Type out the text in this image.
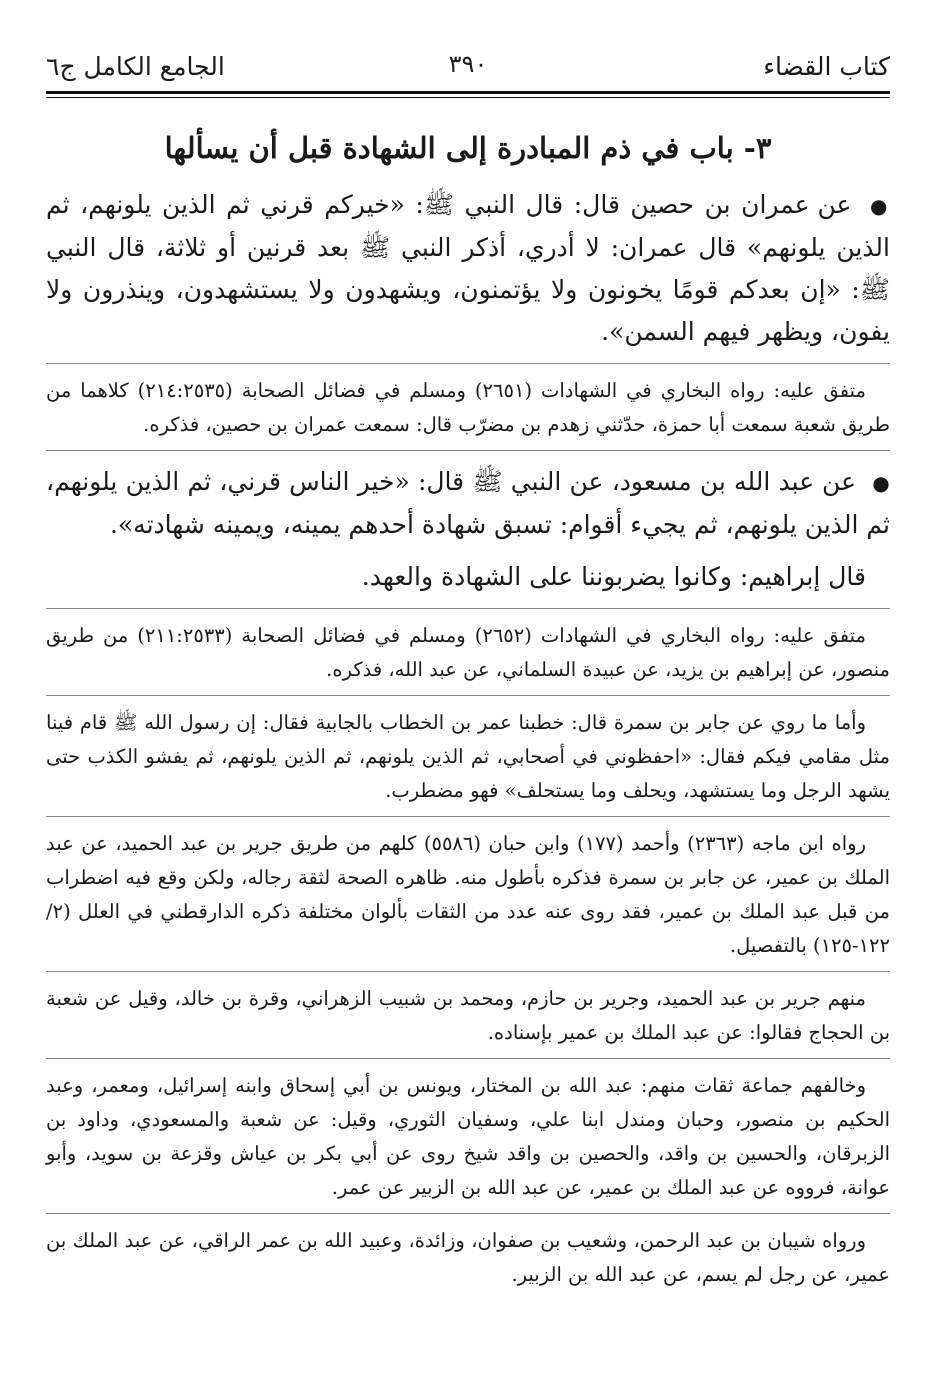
كتاب القضاء
٣٩٠
الجامع الكامل ج٦
٣- باب في ذم المبادرة إلى الشهادة قبل أن يسألها

● عن عمران بن حصين قال: قال النبي ﷺ: «خيركم قرني ثم الذين يلونهم، ثم الذين يلونهم» قال عمران: لا أدري، أذكر النبي ﷺ بعد قرنين أو ثلاثة، قال النبي ﷺ: «إن بعدكم قومًا يخونون ولا يؤتمنون، ويشهدون ولا يستشهدون، وينذرون ولا يفون، ويظهر فيهم السمن».

متفق عليه: رواه البخاري في الشهادات (٢٦٥١) ومسلم في فضائل الصحابة (٢١٤:٢٥٣٥) كلاهما من طريق شعبة سمعت أبا حمزة، حدّثني زهدم بن مضرّب قال: سمعت عمران بن حصين، فذكره.

● عن عبد الله بن مسعود، عن النبي ﷺ قال: «خير الناس قرني، ثم الذين يلونهم، ثم الذين يلونهم، ثم يجيء أقوام: تسبق شهادة أحدهم يمينه، ويمينه شهادته».

قال إبراهيم: وكانوا يضربوننا على الشهادة والعهد.

متفق عليه: رواه البخاري في الشهادات (٢٦٥٢) ومسلم في فضائل الصحابة (٢١١:٢٥٣٣) من طريق منصور، عن إبراهيم بن يزيد، عن عبيدة السلماني، عن عبد الله، فذكره.

وأما ما روي عن جابر بن سمرة قال: خطبنا عمر بن الخطاب بالجابية فقال: إن رسول الله ﷺ قام فينا مثل مقامي فيكم فقال: «احفظوني في أصحابي، ثم الذين يلونهم، ثم الذين يلونهم، ثم يفشو الكذب حتى يشهد الرجل وما يستشهد، ويحلف وما يستحلف» فهو مضطرب.

رواه ابن ماجه (٢٣٦٣) وأحمد (١٧٧) وابن حبان (٥٥٨٦) كلهم من طريق جرير بن عبد الحميد، عن عبد الملك بن عمير، عن جابر بن سمرة فذكره بأطول منه. ظاهره الصحة لثقة رجاله، ولكن وقع فيه اضطراب من قبل عبد الملك بن عمير، فقد روى عنه عدد من الثقات بألوان مختلفة ذكره الدارقطني في العلل (٢/ ١٢٢-١٢٥) بالتفصيل.

منهم جرير بن عبد الحميد، وجرير بن حازم، ومحمد بن شبيب الزهراني، وقرة بن خالد، وقيل عن شعبة بن الحجاج فقالوا: عن عبد الملك بن عمير بإسناده.

وخالفهم جماعة ثقات منهم: عبد الله بن المختار، ويونس بن أبي إسحاق وابنه إسرائيل، ومعمر، وعبد الحكيم بن منصور، وحبان ومندل ابنا علي، وسفيان الثوري، وقيل: عن شعبة والمسعودي، وداود بن الزبرقان، والحسين بن واقد، والحصين بن واقد شيخ روى عن أبي بكر بن عياش وقزعة بن سويد، وأبو عوانة، فرووه عن عبد الملك بن عمير، عن عبد الله بن الزبير عن عمر.

ورواه شيبان بن عبد الرحمن، وشعيب بن صفوان، وزائدة، وعبيد الله بن عمر الراقي، عن عبد الملك بن عمير، عن رجل لم يسم، عن عبد الله بن الزبير.
